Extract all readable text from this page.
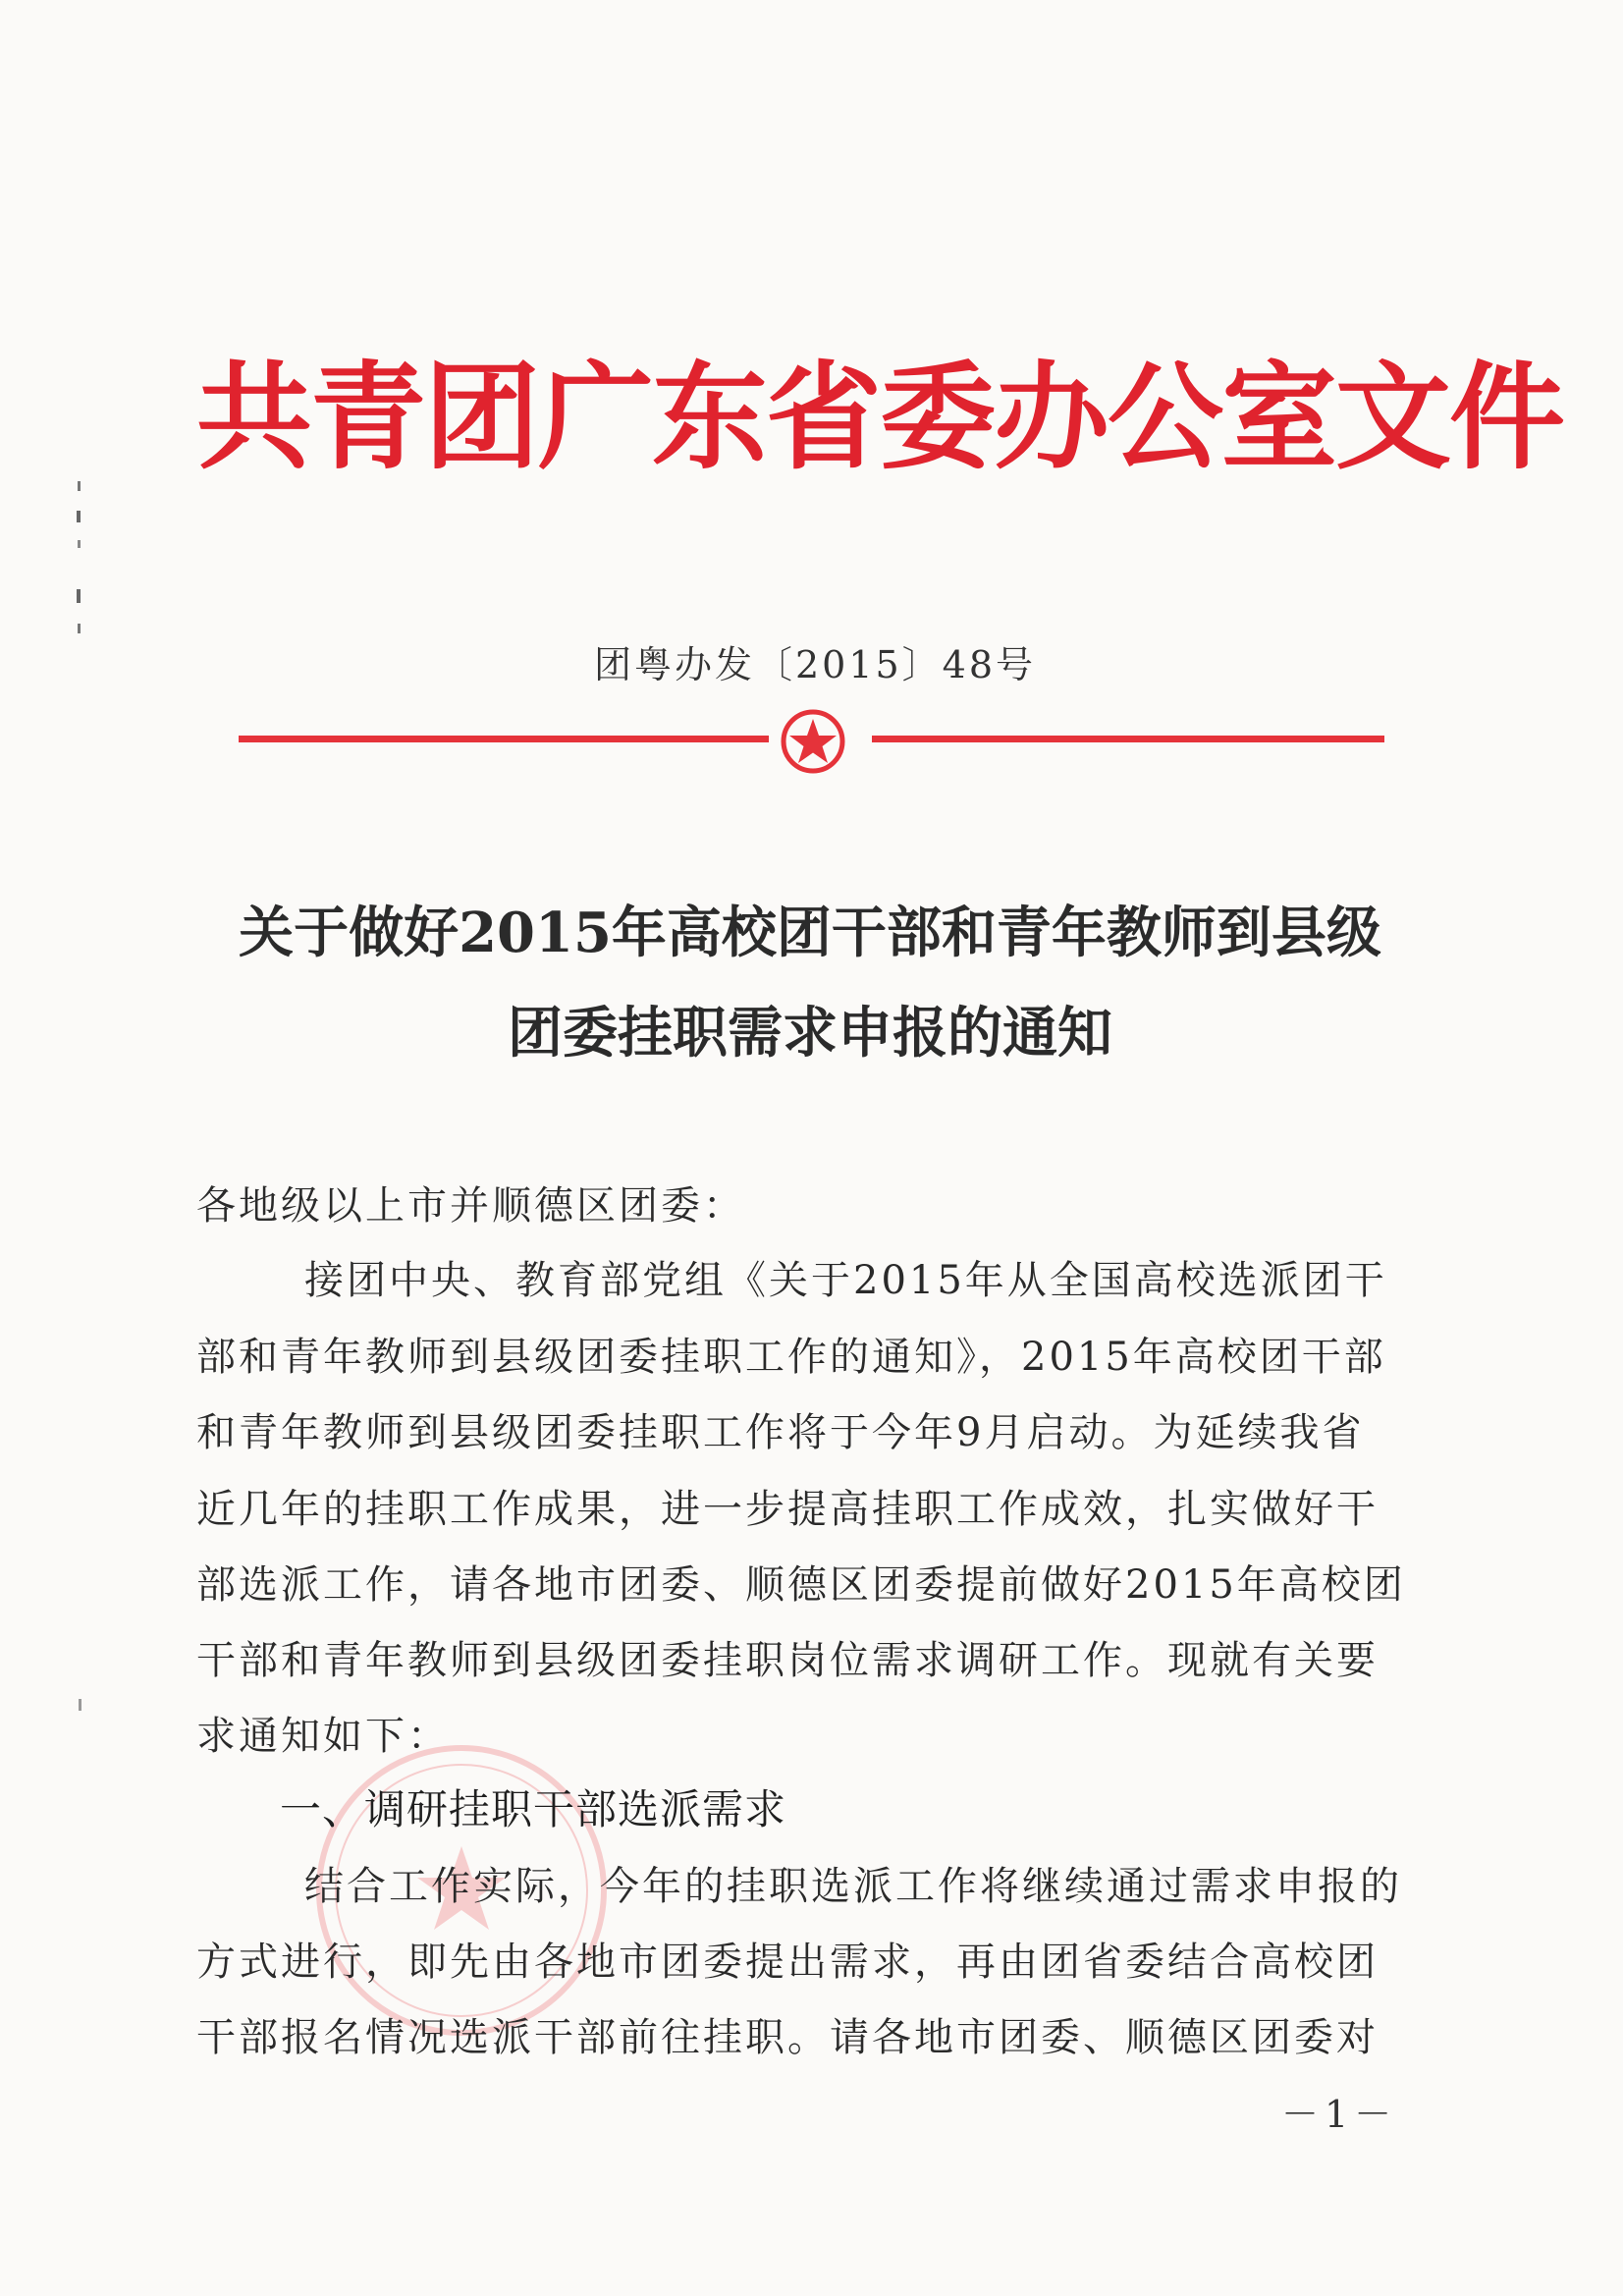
共青团广东省委办公室文件
团粤办发〔2015〕48号
关于做好2015年高校团干部和青年教师到县级
团委挂职需求申报的通知
各地级以上市并顺德区团委：
接团中央、教育部党组《关于2015年从全国高校选派团干
部和青年教师到县级团委挂职工作的通知》，2015年高校团干部
和青年教师到县级团委挂职工作将于今年9月启动。为延续我省
近几年的挂职工作成果，进一步提高挂职工作成效，扎实做好干
部选派工作，请各地市团委、顺德区团委提前做好2015年高校团
干部和青年教师到县级团委挂职岗位需求调研工作。现就有关要
求通知如下：
一、调研挂职干部选派需求
结合工作实际，今年的挂职选派工作将继续通过需求申报的
方式进行，即先由各地市团委提出需求，再由团省委结合高校团
干部报名情况选派干部前往挂职。请各地市团委、顺德区团委对
－1－
